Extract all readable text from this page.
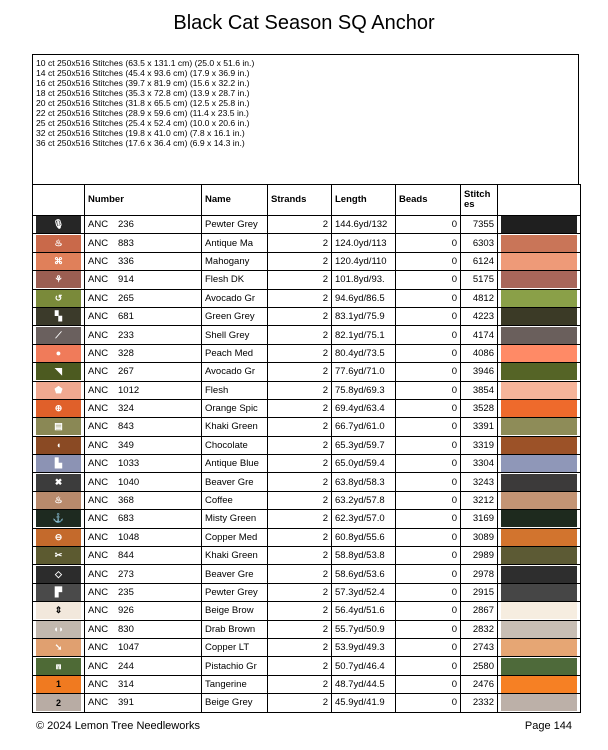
Black Cat Season SQ Anchor
10 ct 250x516 Stitches (63.5 x 131.1 cm) (25.0 x 51.6 in.)
14 ct 250x516 Stitches (45.4 x 93.6 cm) (17.9 x 36.9 in.)
16 ct 250x516 Stitches (39.7 x 81.9 cm) (15.6 x 32.2 in.)
18 ct 250x516 Stitches (35.3 x 72.8 cm) (13.9 x 28.7 in.)
20 ct 250x516 Stitches (31.8 x 65.5 cm) (12.5 x 25.8 in.)
22 ct 250x516 Stitches (28.9 x 59.6 cm) (11.4 x 23.5 in.)
25 ct 250x516 Stitches (25.4 x 52.4 cm) (10.0 x 20.6 in.)
32 ct 250x516 Stitches (19.8 x 41.0 cm) (7.8 x 16.1 in.)
36 ct 250x516 Stitches (17.6 x 36.4 cm) (6.9 x 14.3 in.)
	Number	Name	Strands	Length	Beads	Stitch
es	

🎙	ANC 236	Pewter Grey	2	144.6yd/132	0	7355	

♨	ANC 883	Antique Ma	2	124.0yd/113	0	6303	

⌘	ANC 336	Mahogany	2	120.4yd/110	0	6124	

⚘	ANC 914	Flesh DK	2	101.8yd/93.	0	5175	

↺	ANC 265	Avocado Gr	2	94.6yd/86.5	0	4812	

▚	ANC 681	Green Grey	2	83.1yd/75.9	0	4223	

⟋	ANC 233	Shell Grey	2	82.1yd/75.1	0	4174	

●	ANC 328	Peach Med	2	80.4yd/73.5	0	4086	

◥	ANC 267	Avocado Gr	2	77.6yd/71.0	0	3946	

⬟	ANC 1012	Flesh	2	75.8yd/69.3	0	3854	

⊕	ANC 324	Orange Spic	2	69.4yd/63.4	0	3528	

▤	ANC 843	Khaki Green	2	66.7yd/61.0	0	3391	

◖	ANC 349	Chocolate	2	65.3yd/59.7	0	3319	

▙	ANC 1033	Antique Blue	2	65.0yd/59.4	0	3304	

✖	ANC 1040	Beaver Gre	2	63.8yd/58.3	0	3243	

♨	ANC 368	Coffee	2	63.2yd/57.8	0	3212	

⚓	ANC 683	Misty Green	2	62.3yd/57.0	0	3169	

⊖	ANC 1048	Copper Med	2	60.8yd/55.6	0	3089	

✂	ANC 844	Khaki Green	2	58.8yd/53.8	0	2989	

◇	ANC 273	Beaver Gre	2	58.6yd/53.6	0	2978	

▛	ANC 235	Pewter Grey	2	57.3yd/52.4	0	2915	

⇕	ANC 926	Beige Brow	2	56.4yd/51.6	0	2867	

◖◗	ANC 830	Drab Brown	2	55.7yd/50.9	0	2832	

➘	ANC 1047	Copper LT	2	53.9yd/49.3	0	2743	

⩎	ANC 244	Pistachio Gr	2	50.7yd/46.4	0	2580	

1	ANC 314	Tangerine	2	48.7yd/44.5	0	2476	

2	ANC 391	Beige Grey	2	45.9yd/41.9	0	2332	
© 2024 Lemon Tree Needleworks	Page 144
